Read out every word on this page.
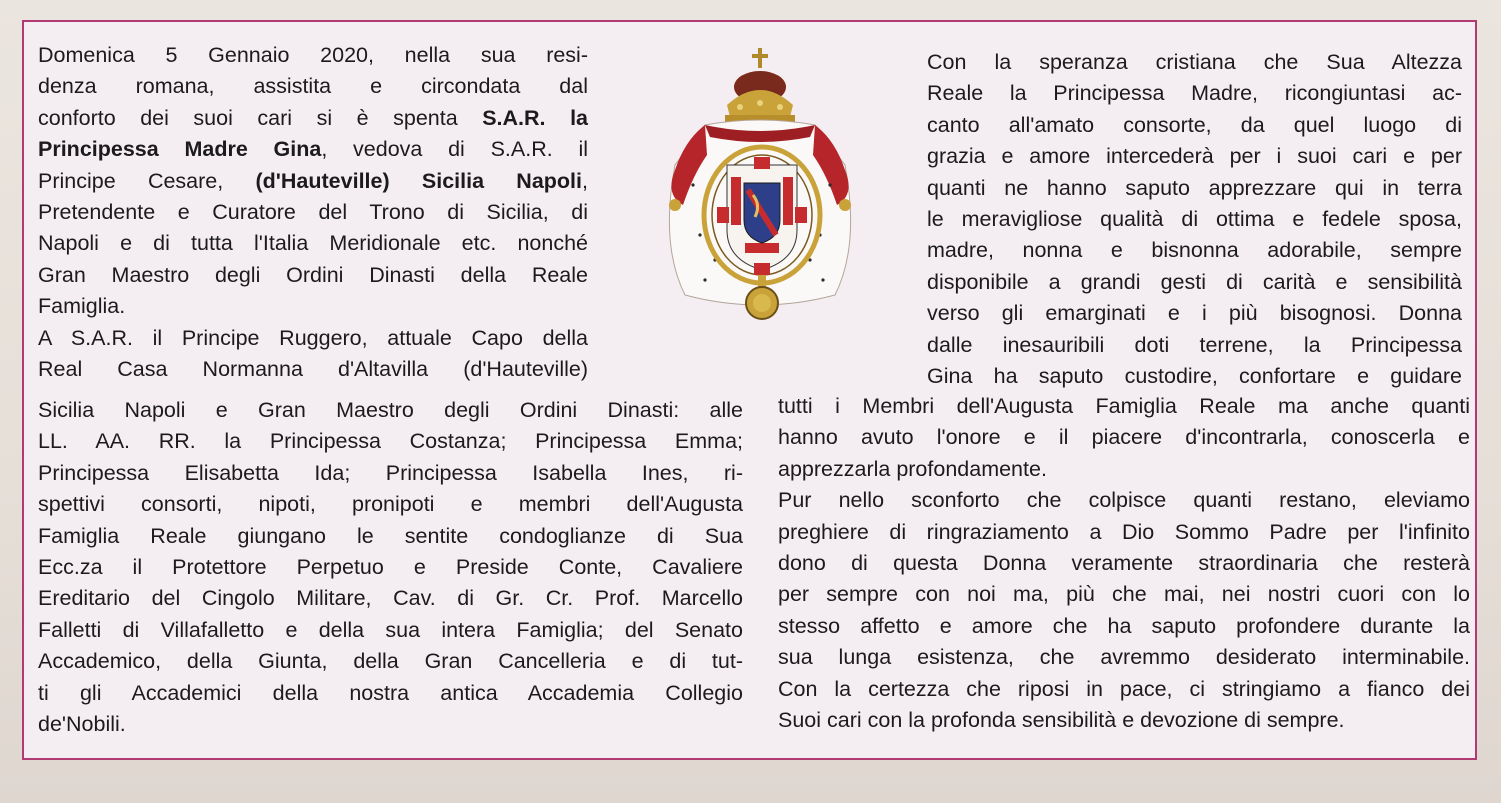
Domenica 5 Gennaio 2020, nella sua resi-
denza romana, assistita e circondata dal
conforto dei suoi cari si è spenta S.A.R. la
Principessa Madre Gina, vedova di S.A.R. il
Principe Cesare, (d'Hauteville) Sicilia Napoli,
Pretendente e Curatore del Trono di Sicilia, di
Napoli e di tutta l'Italia Meridionale etc. nonché
Gran Maestro degli Ordini Dinasti della Reale
Famiglia.
A S.A.R. il Principe Ruggero, attuale Capo della
Real Casa Normanna d'Altavilla (d'Hauteville)
Con la speranza cristiana che Sua Altezza
Reale la Principessa Madre, ricongiuntasi ac-
canto all'amato consorte, da quel luogo di
grazia e amore intercederà per i suoi cari e per
quanti ne hanno saputo apprezzare qui in terra
le meravigliose qualità di ottima e fedele sposa,
madre, nonna e bisnonna adorabile, sempre
disponibile a grandi gesti di carità e sensibilità
verso gli emarginati e i più bisognosi. Donna
dalle inesauribili doti terrene, la Principessa
Gina ha saputo custodire, confortare e guidare
Sicilia Napoli e Gran Maestro degli Ordini Dinasti: alle
LL. AA. RR. la Principessa Costanza; Principessa Emma;
Principessa Elisabetta Ida; Principessa Isabella Ines, ri-
spettivi consorti, nipoti, pronipoti e membri dell'Augusta
Famiglia Reale giungano le sentite condoglianze di Sua
Ecc.za il Protettore Perpetuo e Preside Conte, Cavaliere
Ereditario del Cingolo Militare, Cav. di Gr. Cr. Prof. Marcello
Falletti di Villafalletto e della sua intera Famiglia; del Senato
Accademico, della Giunta, della Gran Cancelleria e di tut-
ti gli Accademici della nostra antica Accademia Collegio
de'Nobili.
tutti i Membri dell'Augusta Famiglia Reale ma anche quanti
hanno avuto l'onore e il piacere d'incontrarla, conoscerla e
apprezzarla profondamente.
Pur nello sconforto che colpisce quanti restano, eleviamo
preghiere di ringraziamento a Dio Sommo Padre per l'infinito
dono di questa Donna veramente straordinaria che resterà
per sempre con noi ma, più che mai, nei nostri cuori con lo
stesso affetto e amore che ha saputo profondere durante la
sua lunga esistenza, che avremmo desiderato interminabile.
Con la certezza che riposi in pace, ci stringiamo a fianco dei
Suoi cari con la profonda sensibilità e devozione di sempre.
